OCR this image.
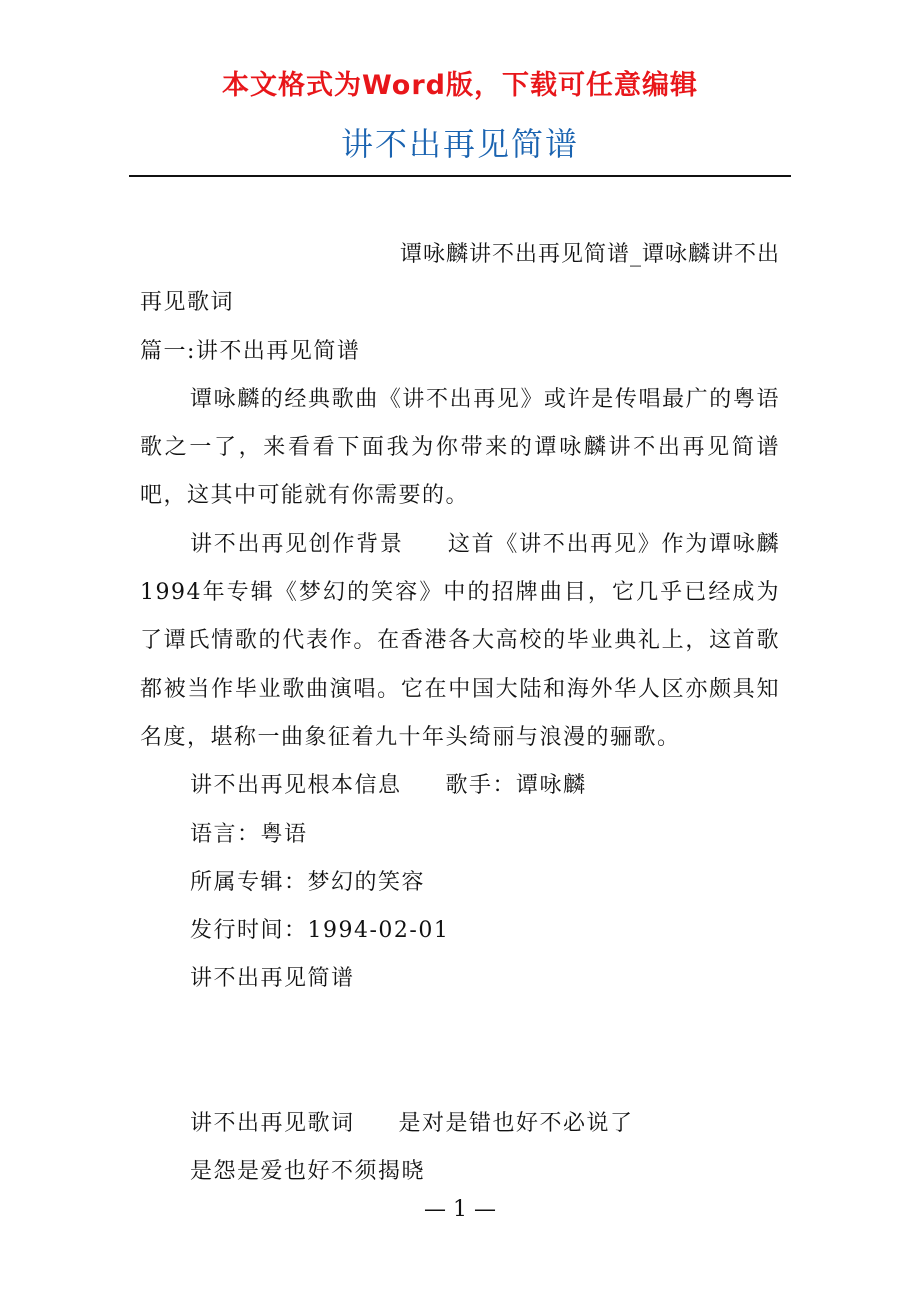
本文格式为Word版，下载可任意编辑
讲不出再见简谱

谭咏麟讲不出再见简谱_谭咏麟讲不出

再见歌词

篇一:讲不出再见简谱

谭咏麟的经典歌曲《讲不出再见》或许是传唱最广的粤语歌之一了，来看看下面我为你带来的谭咏麟讲不出再见简谱吧，这其中可能就有你需要的。

讲不出再见创作背景 这首《讲不出再见》作为谭咏麟1994年专辑《梦幻的笑容》中的招牌曲目，它几乎已经成为了谭氏情歌的代表作。在香港各大高校的毕业典礼上，这首歌都被当作毕业歌曲演唱。它在中国大陆和海外华人区亦颇具知名度，堪称一曲象征着九十年头绮丽与浪漫的骊歌。

讲不出再见根本信息 歌手：谭咏麟

语言：粤语

所属专辑：梦幻的笑容

发行时间：1994-02-01

讲不出再见简谱

讲不出再见歌词 是对是错也好不必说了

是怨是爱也好不须揭晓

— 1 —
